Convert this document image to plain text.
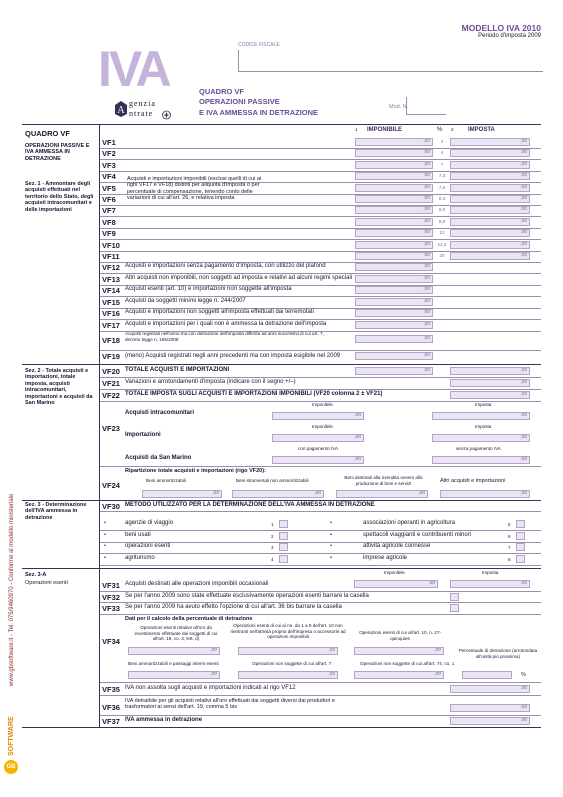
IVA
A
genzia
ntrate
MODELLO IVA 2010
Periodo d'imposta 2009
CODICE FISCALE
QUADRO VF
OPERAZIONI PASSIVE
E IVA AMMESSA IN DETRAZIONE
Mod. N.
QUADRO VF
OPERAZIONI PASSIVE E IVA AMMESSA IN DETRAZIONE
Sez. 1 - Ammontare degli acquisti effettuati nel territorio dello Stato, degli acquisti intracomunitari e delle importazioni
Sez. 2 - Totale acquisti e importazioni, totale imposta, acquisti intracomunitari, importazioni e acquisti da San Marino
Sez. 3 - Determinazione dell'IVA ammessa in detrazione
Sez. 3-A
Operazioni esenti
www.gbsoftware.it - Tel. 075/9460970 - Conforme al modello ministeriale
GB
SOFTWARE
1 IMPONIBILE	% 2 IMPOSTA
VF1	,00	2	,00
VF2	,00	4	,00
VF3	,00	7	,00
VF4	,00	7,3	,00
VF5	,00	7,5	,00
VF6	,00	8,3	,00
VF7	,00	8,5	,00
VF8	,00	8,8	,00
VF9	,00	10	,00
VF10	,00	12,3	,00
VF11	,00	20	,00
Acquisti e importazioni imponibili (esclusi quelli di cui ai righi VF17 e VF18) distinti per aliquota d'imposta o per percentuale di compensazione, tenendo conto delle variazioni di cui all'art. 26, e relativa imposta
VF12 Acquisti e importazioni senza pagamento d'imposta, con utilizzo del plafond	,00
VF13 Altri acquisti non imponibili, non soggetti ad imposta e relativi ad alcuni regimi speciali	,00
VF14 Acquisti esenti (art. 10) e importazioni non soggette all'imposta	,00
VF15 Acquisti da soggetti minimi legge n. 244/2007	,00
VF16 Acquisti e importazioni non soggetti all'imposta effettuati dai terremotati	,00
VF17 Acquisti e importazioni per i quali non è ammessa la detrazione dell'imposta	,00
VF18
Acquisti registrati nell'anno ma con detrazione dell'imposta differita ad anni successivi di cui art. 7, decreto legge n. 185/2008	,00
VF19 (meno) Acquisti registrati negli anni precedenti ma con imposta esigibile nel 2009	,00
VF20 TOTALE ACQUISTI E IMPORTAZIONI	,00	,00
VF21 Variazioni e arrotondamenti d'imposta (indicare con il segno +/–)	,00
VF22 TOTALE IMPOSTA SUGLI ACQUISTI E IMPORTAZIONI IMPONIBILI (VF20 colonna 2 ± VF21)	,00
VF23
Imponibile	Imposta
Acquisti intracomunitari	,00	,00
Imponibile	Imposta
Importazioni	,00	,00
con pagamento IVA	senza pagamento IVA
Acquisti da San Marino	,00	,00
VF24
Ripartizione totale acquisti e importazioni (rigo VF20):
Beni ammortizzabili	Beni strumentali non ammortizzabili
Beni destinati alla rivendita ovvero alla produzione di beni e servizi	Altri acquisti e importazioni
,00	,00	,00	,00
VF30 METODO UTILIZZATO PER LA DETERMINAZIONE DELL'IVA AMMESSA IN DETRAZIONE
•	agenzie di viaggio	1	•	associazioni operanti in agricoltura	5
•	beni usati	2	•	spettacoli viaggianti e contribuenti minori	6
•	operazioni esenti	3	•	attività agricole connesse	7
•	agriturismo	4	•	imprese agricole	8
Imponibile	Imposta
VF31 Acquisti destinati alle operazioni imponibili occasionali	,00	,00
VF32 Se per l'anno 2009 sono state effettuate esclusivamente operazioni esenti barrare la casella
VF33 Se per l'anno 2009 ha avuto effetto l'opzione di cui all'art. 36 bis barrare la casella
VF34
Dati per il calcolo della percentuale di detrazione
Operazioni esenti relative all'oro da investimento effettuate dai soggetti di cui all'art. 19, co. 3, lett. d)
Operazioni esenti di cui ai nn. da 1 a 9 dell'art. 10 non rientranti nell'attività propria dell'impresa o accessorie ad operazioni imponibili
Operazioni esenti di cui all'art. 10, n. 27-quinquies
,00	,00	,00
Beni ammortizzabili e passaggi interni esenti	Operazioni non soggette di cui all'art. 7	Operazioni non soggette di cui all'art. 74, co. 1
Percentuale di detrazione (arrotondata all'unità più prossima)
,00	,00	,00	%
VF35 IVA non assolta sugli acquisti e importazioni indicati al rigo VF12	,00
VF36
IVA detraibile per gli acquisti relativi all'oro effettuati dai soggetti diversi dai produttori e trasformatori ai sensi dell'art. 19, comma 5 bis	,00
VF37 IVA ammessa in detrazione	,00
